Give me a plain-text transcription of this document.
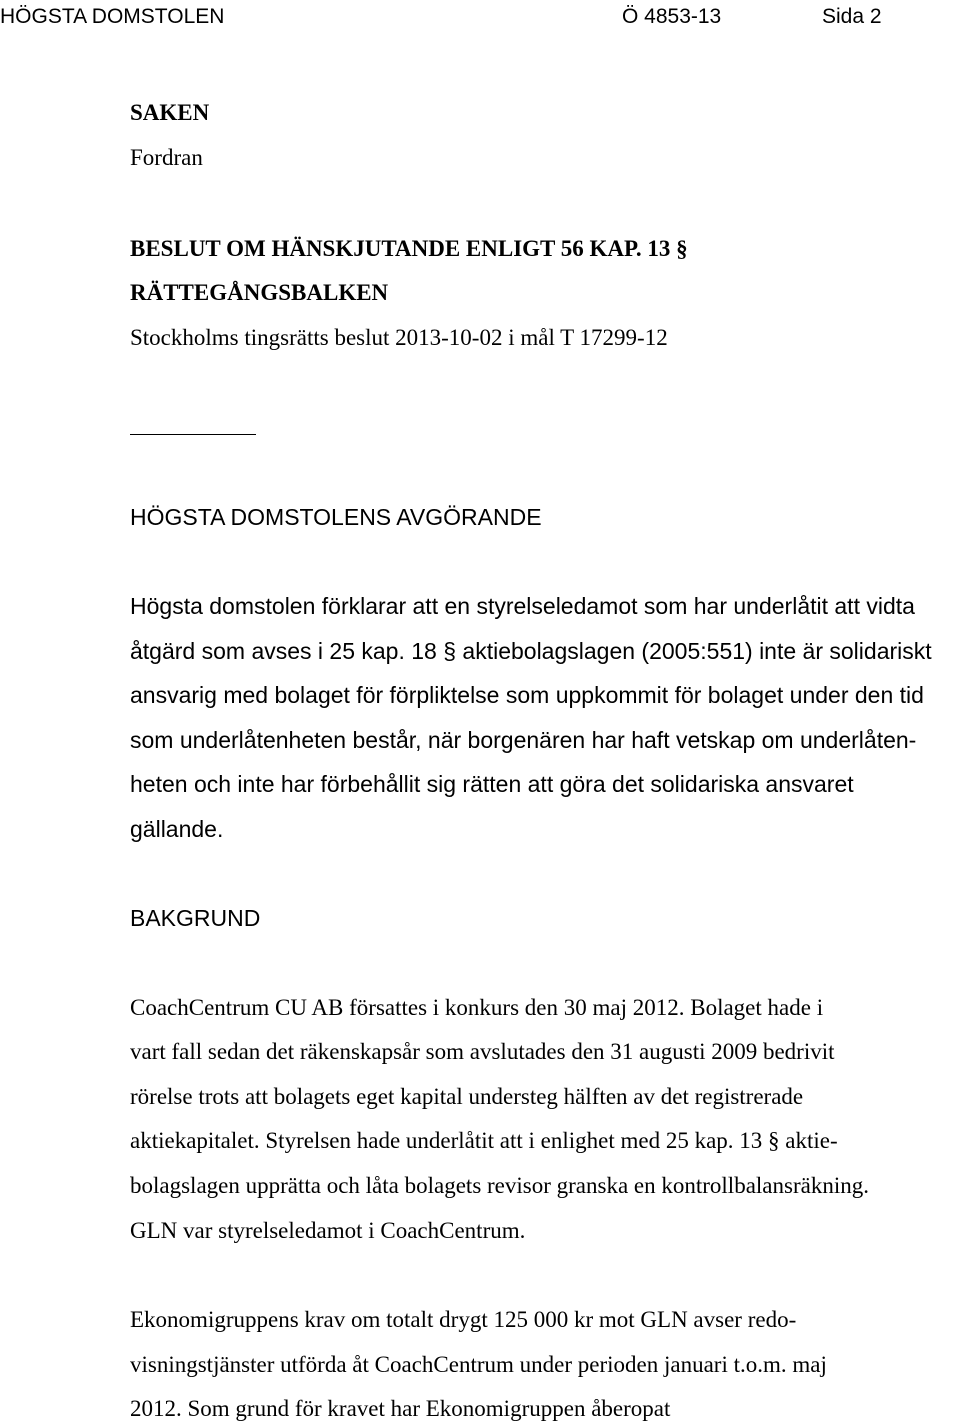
HÖGSTA DOMSTOLEN	Ö 4853-13	Sida 2
SAKEN
Fordran
BESLUT OM HÄNSKJUTANDE ENLIGT 56 KAP. 13 §
RÄTTEGÅNGSBALKEN
Stockholms tingsrätts beslut 2013-10-02 i mål T 17299-12
HÖGSTA DOMSTOLENS AVGÖRANDE
Högsta domstolen förklarar att en styrelseledamot som har underlåtit att vidta
åtgärd som avses i 25 kap. 18 § aktiebolagslagen (2005:551) inte är solidariskt
ansvarig med bolaget för förpliktelse som uppkommit för bolaget under den tid
som underlåtenheten består, när borgenären har haft vetskap om underlåten-
heten och inte har förbehållit sig rätten att göra det solidariska ansvaret
gällande.
BAKGRUND
CoachCentrum CU AB försattes i konkurs den 30 maj 2012. Bolaget hade i
vart fall sedan det räkenskapsår som avslutades den 31 augusti 2009 bedrivit
rörelse trots att bolagets eget kapital understeg hälften av det registrerade
aktiekapitalet. Styrelsen hade underlåtit att i enlighet med 25 kap. 13 § aktie-
bolagslagen upprätta och låta bolagets revisor granska en kontrollbalansräkning.
GLN var styrelseledamot i CoachCentrum.
Ekonomigruppens krav om totalt drygt 125 000 kr mot GLN avser redo-
visningstjänster utförda åt CoachCentrum under perioden januari t.o.m. maj
2012. Som grund för kravet har Ekonomigruppen åberopat
